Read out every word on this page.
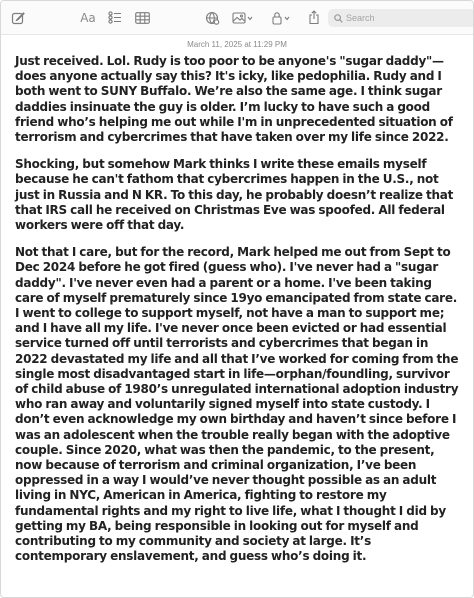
Aa	Search
March 11, 2025 at 11:29 PM

Just received. Lol. Rudy is too poor to be anyone's "sugar daddy"—does anyone actually say this? It's icky, like pedophilia. Rudy and I both went to SUNY Buffalo. We’re also the same age. I think sugar daddies insinuate the guy is older. I’m lucky to have such a good friend who’s helping me out while I'm in unprecedented situation of terrorism and cybercrimes that have taken over my life since 2022.

Shocking, but somehow Mark thinks I write these emails myself because he can't fathom that cybercrimes happen in the U.S., not just in Russia and N KR. To this day, he probably doesn’t realize that that IRS call he received on Christmas Eve was spoofed. All federal workers were off that day.

Not that I care, but for the record, Mark helped me out from Sept to Dec 2024 before he got fired (guess who). I've never had a "sugar daddy". I've never even had a parent or a home. I've been taking care of myself prematurely since 19yo emancipated from state care. I went to college to support myself, not have a man to support me; and I have all my life. I've never once been evicted or had essential service turned off until terrorists and cybercrimes that began in 2022 devastated my life and all that I’ve worked for coming from the single most disadvantaged start in life—orphan/foundling, survivor of child abuse of 1980’s unregulated international adoption industry who ran away and voluntarily signed myself into state custody. I don’t even acknowledge my own birthday and haven’t since before I was an adolescent when the trouble really began with the adoptive couple. Since 2020, what was then the pandemic, to the present, now because of terrorism and criminal organization, I’ve been oppressed in a way I would’ve never thought possible as an adult living in NYC, American in America, fighting to restore my fundamental rights and my right to live life, what I thought I did by getting my BA, being responsible in looking out for myself and contributing to my community and society at large. It’s contemporary enslavement, and guess who’s doing it.
